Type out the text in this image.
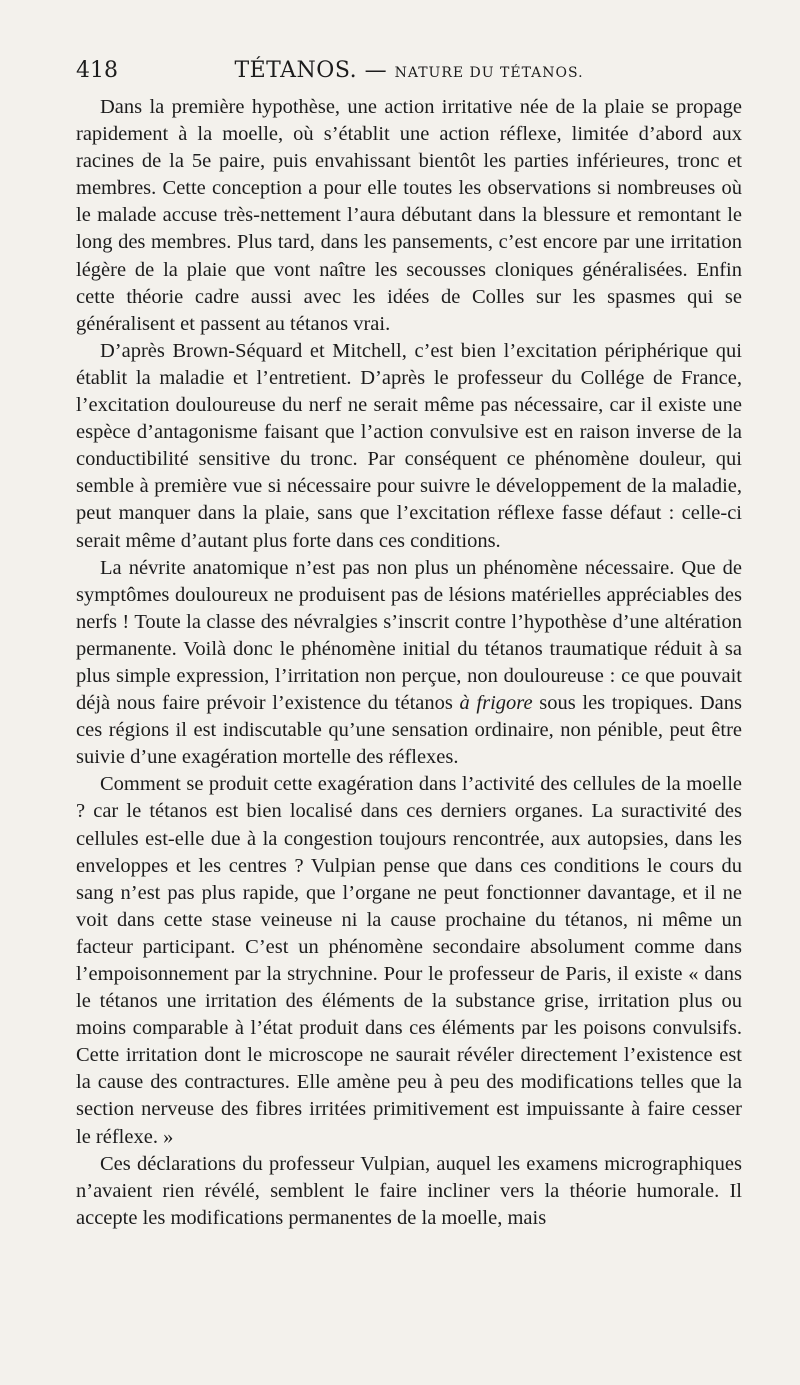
418	TÉTANOS. — NATURE DU TÉTANOS.

Dans la première hypothèse, une action irritative née de la plaie se propage rapidement à la moelle, où s’établit une action réflexe, limitée d’abord aux racines de la 5e paire, puis envahissant bientôt les parties inférieures, tronc et membres. Cette conception a pour elle toutes les observations si nombreuses où le malade accuse très-nettement l’aura débutant dans la blessure et remontant le long des membres. Plus tard, dans les pansements, c’est encore par une irritation légère de la plaie que vont naître les secousses cloniques généralisées. Enfin cette théorie cadre aussi avec les idées de Colles sur les spasmes qui se généralisent et passent au tétanos vrai.

D’après Brown-Séquard et Mitchell, c’est bien l’excitation périphérique qui établit la maladie et l’entretient. D’après le professeur du Collége de France, l’excitation douloureuse du nerf ne serait même pas nécessaire, car il existe une espèce d’antagonisme faisant que l’action convulsive est en raison inverse de la conductibilité sensitive du tronc. Par conséquent ce phénomène douleur, qui semble à première vue si nécessaire pour suivre le développement de la maladie, peut manquer dans la plaie, sans que l’excitation réflexe fasse défaut : celle-ci serait même d’autant plus forte dans ces conditions.

La névrite anatomique n’est pas non plus un phénomène nécessaire. Que de symptômes douloureux ne produisent pas de lésions matérielles appréciables des nerfs ! Toute la classe des névralgies s’inscrit contre l’hypothèse d’une altération permanente. Voilà donc le phénomène initial du tétanos traumatique réduit à sa plus simple expression, l’irritation non perçue, non douloureuse : ce que pouvait déjà nous faire prévoir l’existence du tétanos à frigore sous les tropiques. Dans ces régions il est indiscutable qu’une sensation ordinaire, non pénible, peut être suivie d’une exagération mortelle des réflexes.

Comment se produit cette exagération dans l’activité des cellules de la moelle ? car le tétanos est bien localisé dans ces derniers organes. La suractivité des cellules est-elle due à la congestion toujours rencontrée, aux autopsies, dans les enveloppes et les centres ? Vulpian pense que dans ces conditions le cours du sang n’est pas plus rapide, que l’organe ne peut fonctionner davantage, et il ne voit dans cette stase veineuse ni la cause prochaine du tétanos, ni même un facteur participant. C’est un phénomène secondaire absolument comme dans l’empoisonnement par la strychnine. Pour le professeur de Paris, il existe « dans le tétanos une irritation des éléments de la substance grise, irritation plus ou moins comparable à l’état produit dans ces éléments par les poisons convulsifs. Cette irritation dont le microscope ne saurait révéler directement l’existence est la cause des contractures. Elle amène peu à peu des modifications telles que la section nerveuse des fibres irritées primitivement est impuissante à faire cesser le réflexe. »

Ces déclarations du professeur Vulpian, auquel les examens micrographiques n’avaient rien révélé, semblent le faire incliner vers la théorie humorale. Il accepte les modifications permanentes de la moelle, mais
